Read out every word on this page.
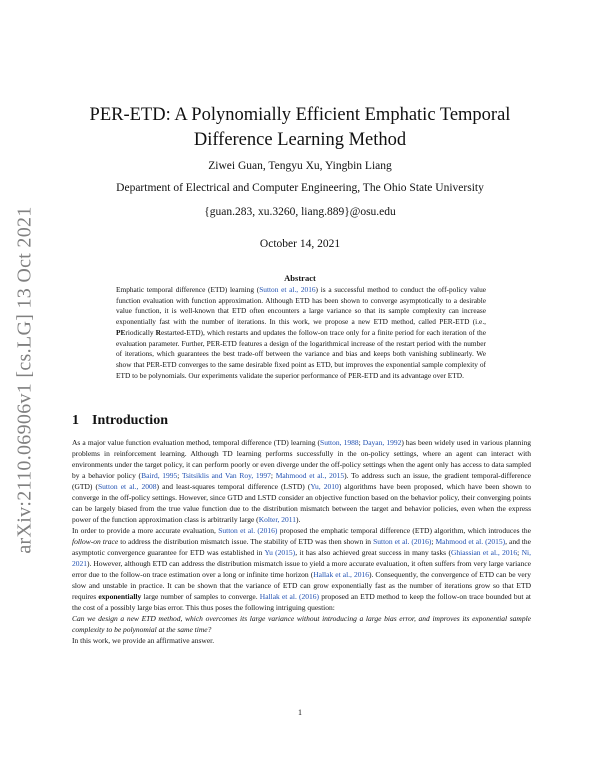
arXiv:2110.06906v1 [cs.LG] 13 Oct 2021
PER-ETD: A Polynomially Efficient Emphatic Temporal
Difference Learning Method
Ziwei Guan, Tengyu Xu, Yingbin Liang
Department of Electrical and Computer Engineering, The Ohio State University
{guan.283, xu.3260, liang.889}@osu.edu
October 14, 2021
Abstract
Emphatic temporal difference (ETD) learning (Sutton et al., 2016) is a successful method to conduct the off-policy value function evaluation with function approximation. Although ETD has been shown to converge asymptotically to a desirable value function, it is well-known that ETD often encounters a large variance so that its sample complexity can increase exponentially fast with the number of iterations. In this work, we propose a new ETD method, called PER-ETD (i.e., PEriodically Restarted-ETD), which restarts and updates the follow-on trace only for a finite period for each iteration of the evaluation parameter. Further, PER-ETD features a design of the logarithmical increase of the restart period with the number of iterations, which guarantees the best trade-off between the variance and bias and keeps both vanishing sublinearly. We show that PER-ETD converges to the same desirable fixed point as ETD, but improves the exponential sample complexity of ETD to be polynomials. Our experiments validate the superior performance of PER-ETD and its advantage over ETD.
1 Introduction

As a major value function evaluation method, temporal difference (TD) learning (Sutton, 1988; Dayan, 1992) has been widely used in various planning problems in reinforcement learning. Although TD learning performs successfully in the on-policy settings, where an agent can interact with environments under the target policy, it can perform poorly or even diverge under the off-policy settings when the agent only has access to data sampled by a behavior policy (Baird, 1995; Tsitsiklis and Van Roy, 1997; Mahmood et al., 2015). To address such an issue, the gradient temporal-difference (GTD) (Sutton et al., 2008) and least-squares temporal difference (LSTD) (Yu, 2010) algorithms have been proposed, which have been shown to converge in the off-policy settings. However, since GTD and LSTD consider an objective function based on the behavior policy, their converging points can be largely biased from the true value function due to the distribution mismatch between the target and behavior policies, even when the express power of the function approximation class is arbitrarily large (Kolter, 2011).

In order to provide a more accurate evaluation, Sutton et al. (2016) proposed the emphatic temporal difference (ETD) algorithm, which introduces the follow-on trace to address the distribution mismatch issue. The stability of ETD was then shown in Sutton et al. (2016); Mahmood et al. (2015), and the asymptotic convergence guarantee for ETD was established in Yu (2015), it has also achieved great success in many tasks (Ghiassian et al., 2016; Ni, 2021). However, although ETD can address the distribution mismatch issue to yield a more accurate evaluation, it often suffers from very large variance error due to the follow-on trace estimation over a long or infinite time horizon (Hallak et al., 2016). Consequently, the convergence of ETD can be very slow and unstable in practice. It can be shown that the variance of ETD can grow exponentially fast as the number of iterations grow so that ETD requires exponentially large number of samples to converge. Hallak et al. (2016) proposed an ETD method to keep the follow-on trace bounded but at the cost of a possibly large bias error. This thus poses the following intriguing question:

Can we design a new ETD method, which overcomes its large variance without introducing a large bias error, and improves its exponential sample complexity to be polynomial at the same time?

In this work, we provide an affirmative answer.

1
